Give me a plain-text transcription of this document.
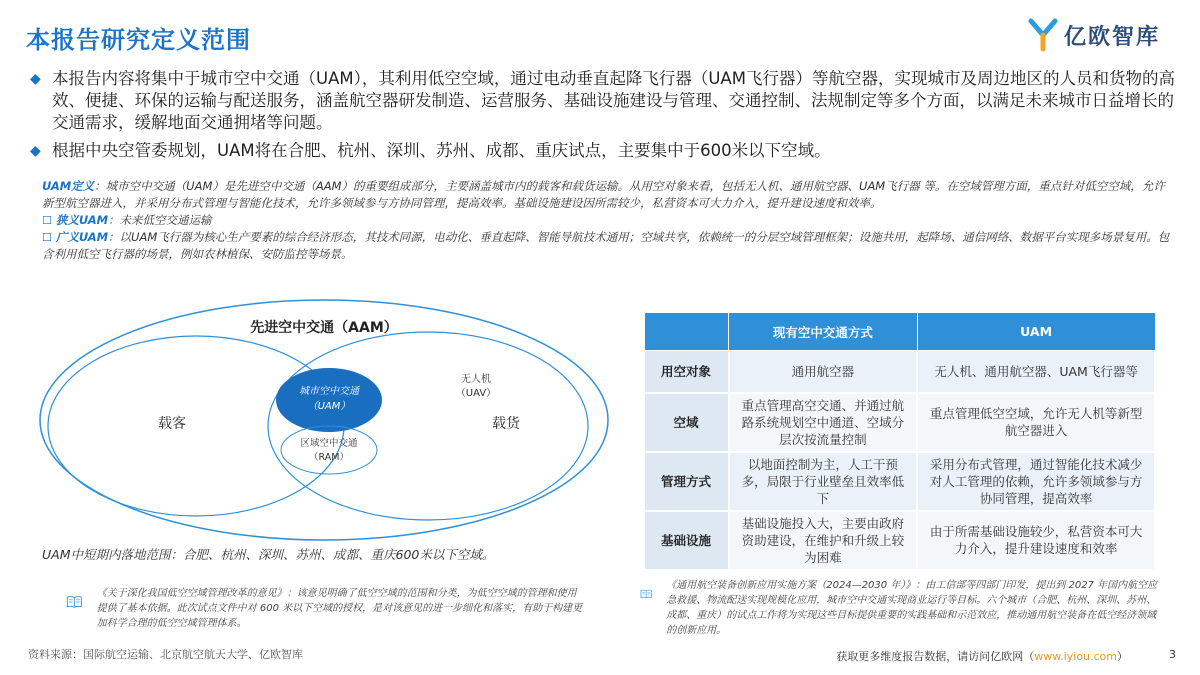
本报告研究定义范围	亿欧智库
◆ 本报告内容将集中于城市空中交通（UAM），其利用低空空域，通过电动垂直起降飞行器（UAM飞行器）等航空器，实现城市及周边地区的人员和货物的高效、便捷、环保的运输与配送服务，涵盖航空器研发制造、运营服务、基础设施建设与管理、交通控制、法规制定等多个方面，以满足未来城市日益增长的交通需求，缓解地面交通拥堵等问题。
◆ 根据中央空管委规划，UAM将在合肥、杭州、深圳、苏州、成都、重庆试点，主要集中于600米以下空域。
UAM定义：城市空中交通（UAM）是先进空中交通（AAM）的重要组成部分，主要涵盖城市内的载客和载货运输。从用空对象来看，包括无人机、通用航空器、UAM飞行器 等。在空域管理方面，重点针对低空空域，允许新型航空器进入，并采用分布式管理与智能化技术，允许多领域参与方协同管理，提高效率。基础设施建设因所需较少，私营资本可大力介入，提升建设速度和效率。
☐ 狭义UAM：未来低空交通运输
☐ 广义UAM：以UAM飞行器为核心生产要素的综合经济形态，其技术同源，电动化、垂直起降、智能导航技术通用；空域共享，依赖统一的分层空域管理框架；设施共用，起降场、通信网络、数据平台实现多场景复用。包含利用低空飞行器的场景，例如农林植保、安防监控等场景。
先进空中交通（AAM）
载客	载货
城市空中交通
（UAM）
区域空中交通
（RAM）
无人机
（UAV）
	现有空中交通方式	UAM
用空对象	通用航空器	无人机、通用航空器、UAM飞行器等
空域	重点管理高空交通、并通过航路系统规划空中通道、空域分层次按流量控制	重点管理低空空域，允许无人机等新型航空器进入
管理方式	以地面控制为主，人工干预多，局限于行业壁垒且效率低下	采用分布式管理，通过智能化技术减少对人工管理的依赖，允许多领域参与方协同管理，提高效率
基础设施	基础设施投入大，主要由政府资助建设，在维护和升级上较为困难	由于所需基础设施较少，私营资本可大力介入，提升建设速度和效率
UAM中短期内落地范围：合肥、杭州、深圳、苏州、成都、重庆600米以下空域。
《关于深化我国低空空域管理改革的意见》：该意见明确了低空空域的范围和分类，为低空空域的管理和使用提供了基本依据。此次试点文件中对 600 米以下空域的授权，是对该意见的进一步细化和落实，有助于构建更加科学合理的低空空域管理体系。
《通用航空装备创新应用实施方案（2024—2030 年）》：由工信部等四部门印发，提出到 2027 年国内航空应急救援、物流配送实现规模化应用，城市空中交通实现商业运行等目标。六个城市（合肥、杭州、深圳、苏州、成都、重庆）的试点工作将为实现这些目标提供重要的实践基础和示范效应，推动通用航空装备在低空经济领域的创新应用。
资料来源：国际航空运输、北京航空航天大学、亿欧智库	获取更多维度报告数据，请访问亿欧网（www.iyiou.com）	3
